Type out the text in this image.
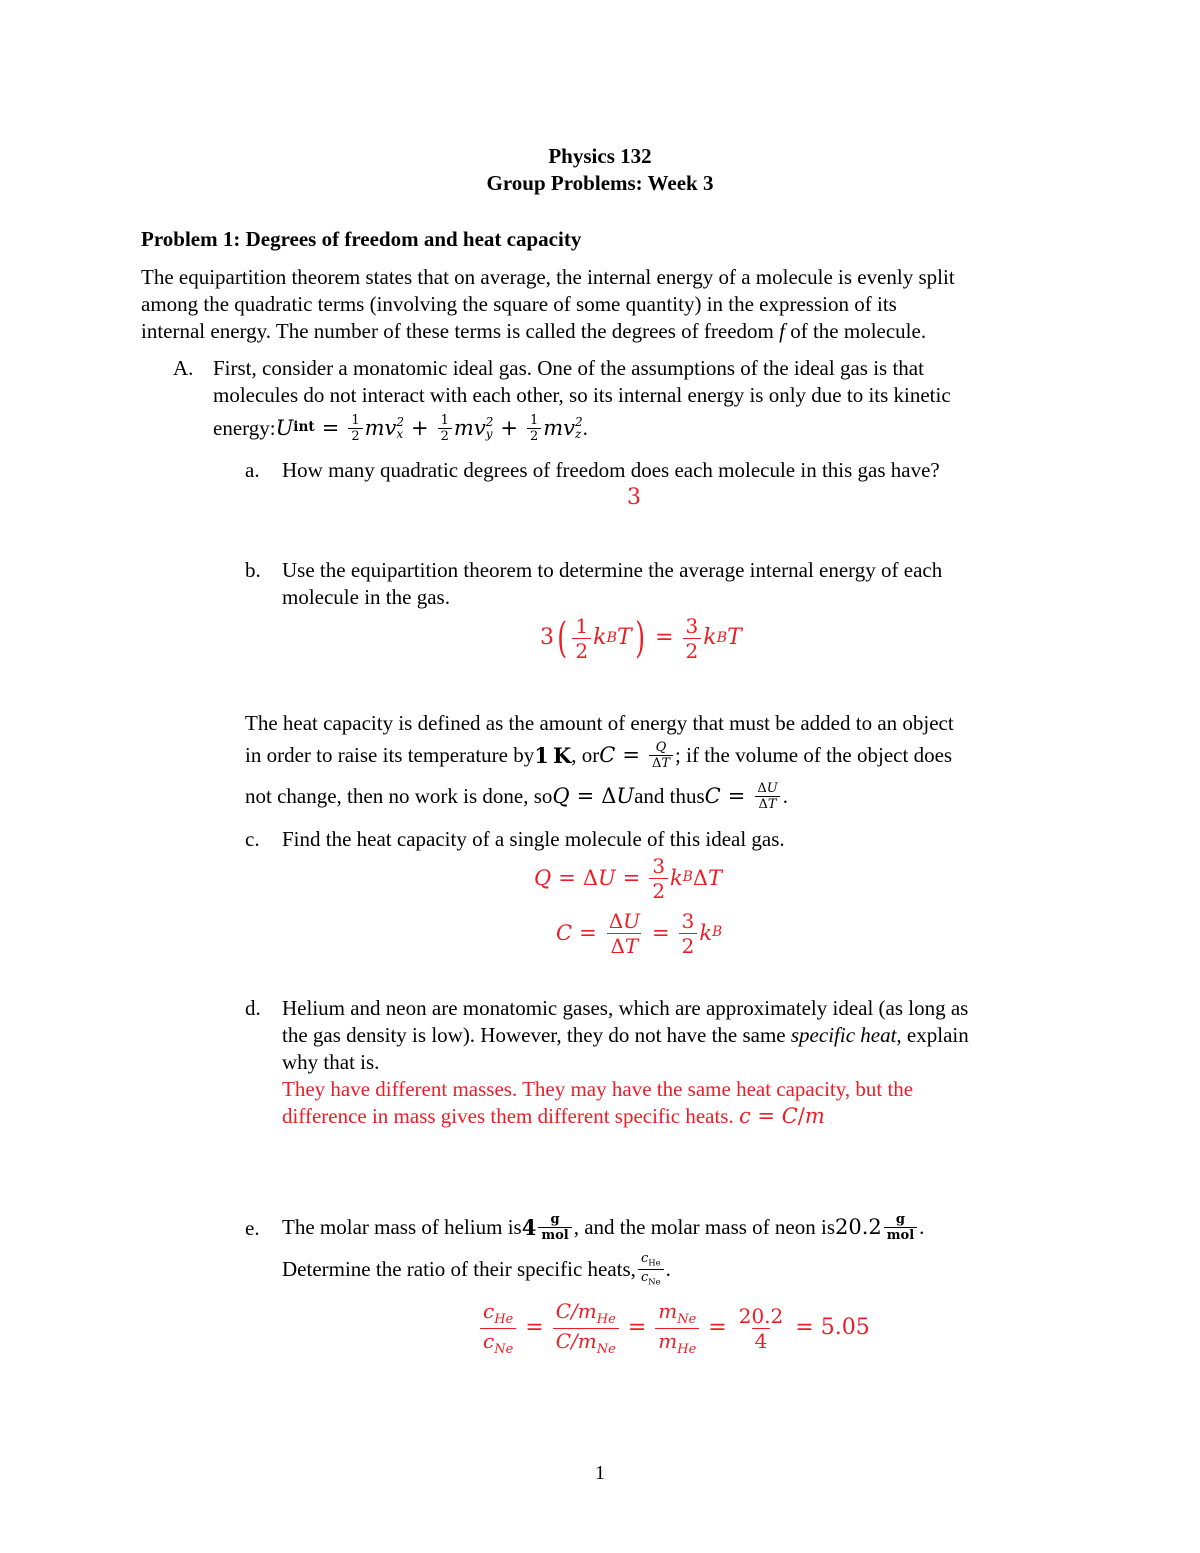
Physics 132
Group Problems: Week 3
Problem 1: Degrees of freedom and heat capacity
The equipartition theorem states that on average, the internal energy of a molecule is evenly split
among the quadratic terms (involving the square of some quantity) in the expression of its
internal energy. The number of these terms is called the degrees of freedom f of the molecule.
A. First, consider a monatomic ideal gas. One of the assumptions of the ideal gas is that
molecules do not interact with each other, so its internal energy is only due to its kinetic
energy: U int = $\frac{1}{2}$ mv 2
$x + \frac{1}{2}$ mv 2
$y + \frac{1}{2}$ mv 2
z .
a. How many quadratic degrees of freedom does each molecule in this gas have?
3
b. Use the equipartition theorem to determine the average internal energy of each
molecule in the gas.
3 ( $\frac{1}{2}$ k B T ) = $\frac{3}{2}$ k B T
The heat capacity is defined as the amount of energy that must be added to an object
in order to raise its temperature by 1 K , or $C = \frac{Q}{\Delta T}$ ; if the volume of the object does
not change, then no work is done, so Q = ΔU and thus $C = \frac{\Delta U}{\Delta T}$ .
c. Find the heat capacity of a single molecule of this ideal gas.
$Q = \Delta U = \frac{3}{2}$ k B ΔT
$C = \frac{\Delta U}{\Delta T} = \frac{3}{2}$ k B
d. Helium and neon are monatomic gases, which are approximately ideal (as long as
the gas density is low). However, they do not have the same specific heat, explain
why that is.
They have different masses. They may have the same heat capacity, but the
difference in mass gives them different specific heats. c = C/m
e. The molar mass of helium is $4 \frac{g}{\text{mol}}$ , and the molar mass of neon is $20.2 \frac{g}{\text{mol}}$ .
Determine the ratio of their specific heats, $\frac{c_{He}}{c_{Ne}}$ .
$\frac{c_{He}}{c_{Ne}} = \frac{C/m_{He}}{C/m_{Ne}} = \frac{m_{Ne}}{m_{He}} = \frac{20.2}{4} = 5.05$
1
